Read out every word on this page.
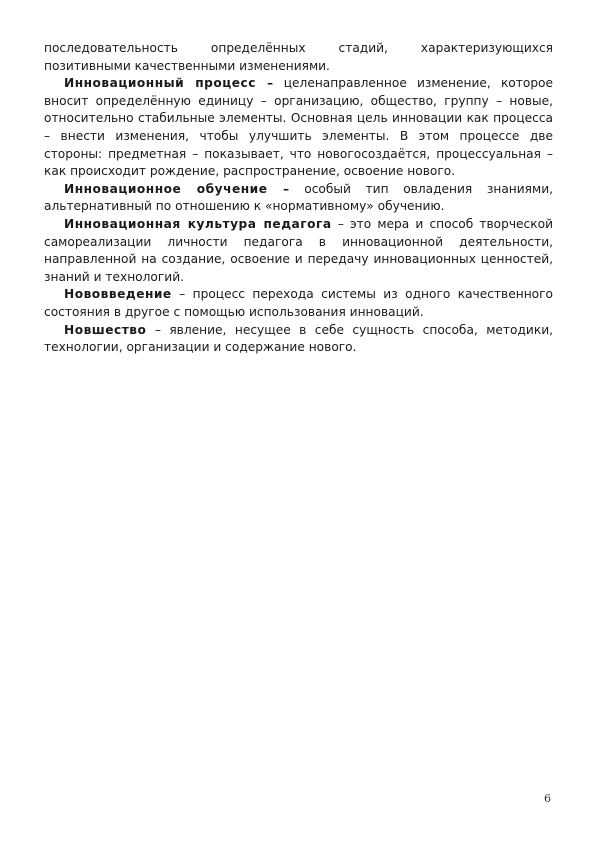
последовательность определённых стадий, характеризующихся позитивными качественными изменениями.

Инновационный процесс – целенаправленное изменение, которое вносит определённую единицу – организацию, общество, группу – новые, относительно стабильные элементы. Основная цель инновации как процесса – внести изменения, чтобы улучшить элементы. В этом процессе две стороны: предметная – показывает, что новогосоздаётся, процессуальная – как происходит рождение, распространение, освоение нового.

Инновационное обучение – особый тип овладения знаниями, альтернативный по отношению к «нормативному» обучению.

Инновационная культура педагога – это мера и способ творческой самореализации личности педагога в инновационной деятельности, направленной на создание, освоение и передачу инновационных ценностей, знаний и технологий.

Нововведение – процесс перехода системы из одного качественного состояния в другое с помощью использования инноваций.

Новшество – явление, несущее в себе сущность способа, методики, технологии, организации и содержание нового.

6
